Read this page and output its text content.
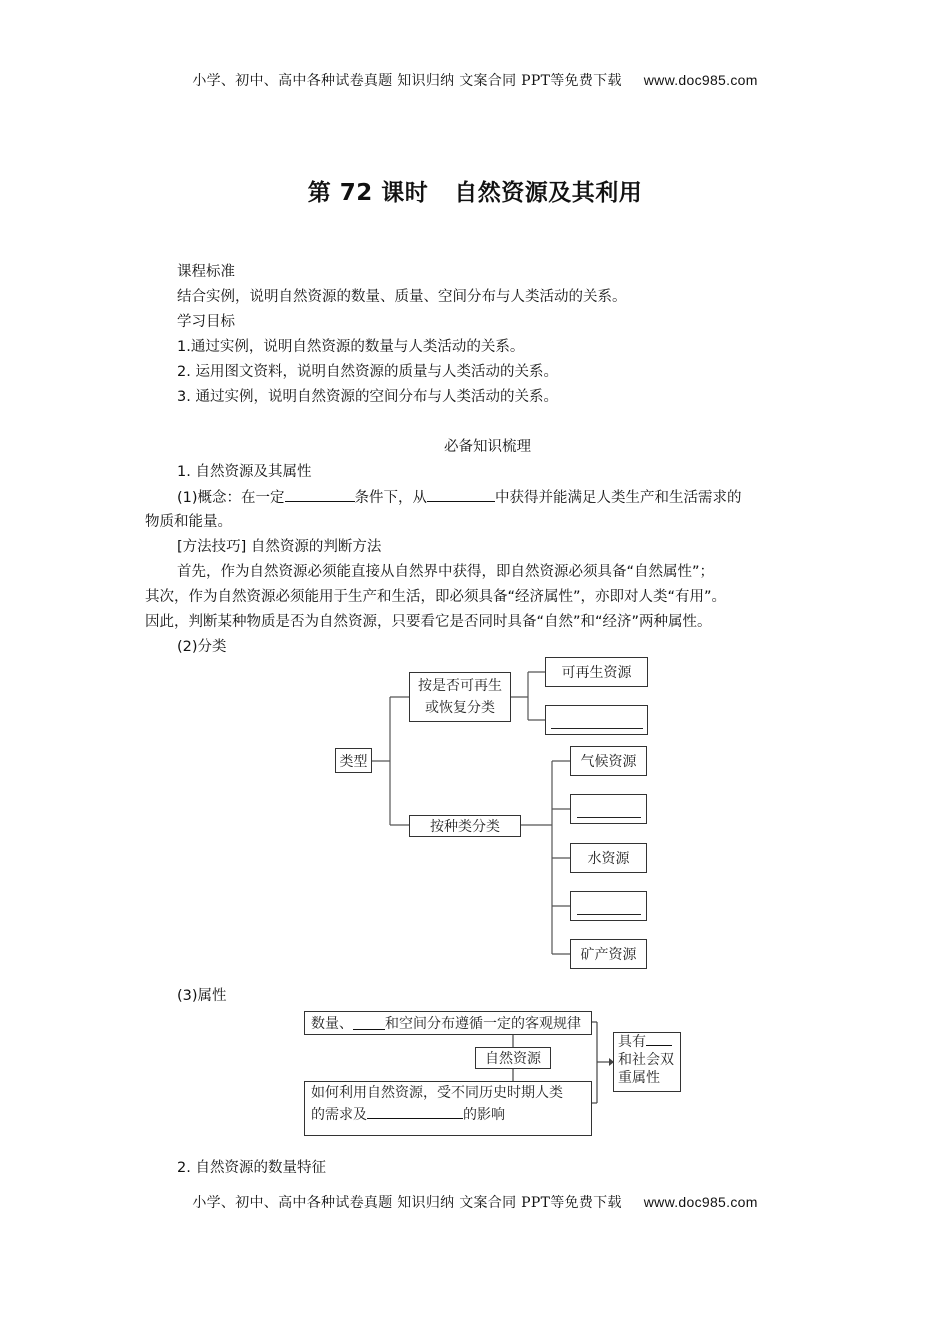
小学、初中、高中各种试卷真题 知识归纳 文案合同 PPT等免费下载 www.doc985.com
小学、初中、高中各种试卷真题 知识归纳 文案合同 PPT等免费下载 www.doc985.com
第 72 课时 自然资源及其利用
课程标准
结合实例，说明自然资源的数量、质量、空间分布与人类活动的关系。
学习目标
1.通过实例，说明自然资源的数量与人类活动的关系。
2. 运用图文资料，说明自然资源的质量与人类活动的关系。
3. 通过实例，说明自然资源的空间分布与人类活动的关系。
必备知识梳理
1. 自然资源及其属性
(1)概念：在一定	条件下，从	中获得并能满足人类生产和生活需求的
物质和能量。
[方法技巧] 自然资源的判断方法
首先，作为自然资源必须能直接从自然界中获得，即自然资源必须具备“自然属性”；
其次，作为自然资源必须能用于生产和生活，即必须具备“经济属性”，亦即对人类“有用”。
因此，判断某种物质是否为自然资源，只要看它是否同时具备“自然”和“经济”两种属性。
(2)分类
类型
按是否可再生
或恢复分类
可再生资源
按种类分类
气候资源
水资源
矿产资源
(3)属性
数量、 和空间分布遵循一定的客观规律
自然资源
如何利用自然资源，受不同历史时期人类
的需求及	的影响
具有
和社会双
重属性
2. 自然资源的数量特征
